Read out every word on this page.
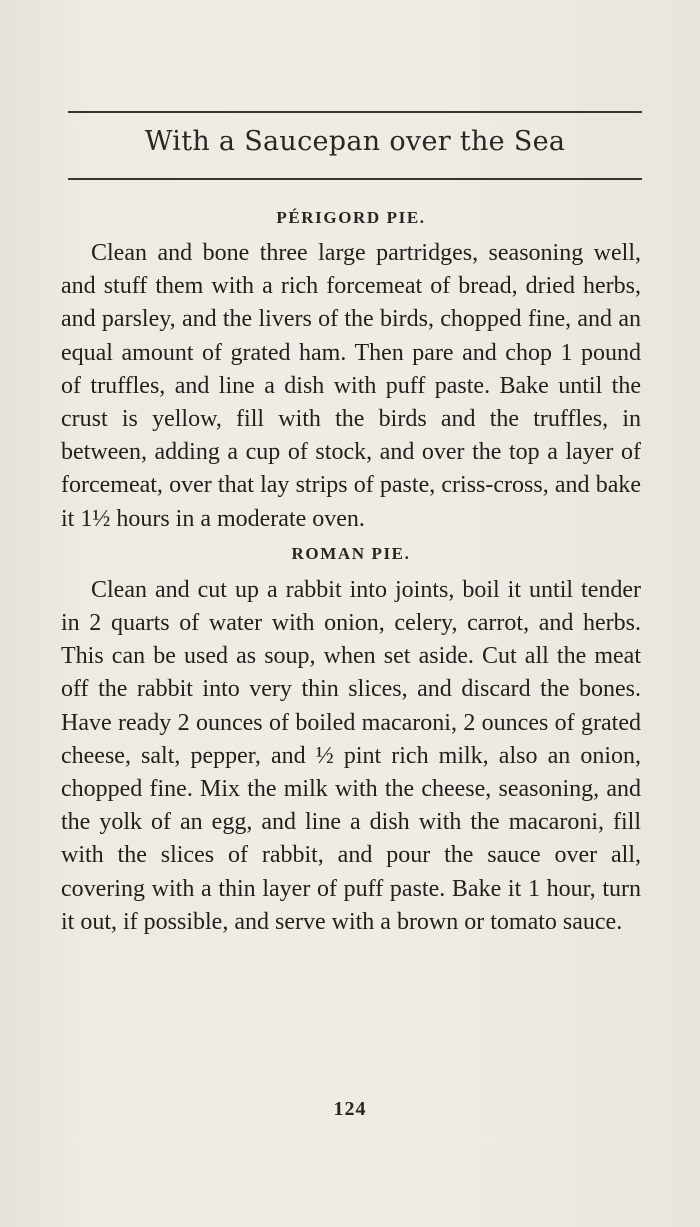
With a Saucepan over the Sea
PÉRIGORD PIE.

Clean and bone three large partridges, seasoning well, and stuff them with a rich forcemeat of bread, dried herbs, and parsley, and the livers of the birds, chopped fine, and an equal amount of grated ham. Then pare and chop 1 pound of truffles, and line a dish with puff paste. Bake until the crust is yellow, fill with the birds and the truffles, in between, adding a cup of stock, and over the top a layer of forcemeat, over that lay strips of paste, criss-cross, and bake it 1½ hours in a moderate oven.

ROMAN PIE.

Clean and cut up a rabbit into joints, boil it until tender in 2 quarts of water with onion, celery, carrot, and herbs. This can be used as soup, when set aside. Cut all the meat off the rabbit into very thin slices, and discard the bones. Have ready 2 ounces of boiled macaroni, 2 ounces of grated cheese, salt, pepper, and ½ pint rich milk, also an onion, chopped fine. Mix the milk with the cheese, seasoning, and the yolk of an egg, and line a dish with the macaroni, fill with the slices of rabbit, and pour the sauce over all, covering with a thin layer of puff paste. Bake it 1 hour, turn it out, if possible, and serve with a brown or tomato sauce.

124
